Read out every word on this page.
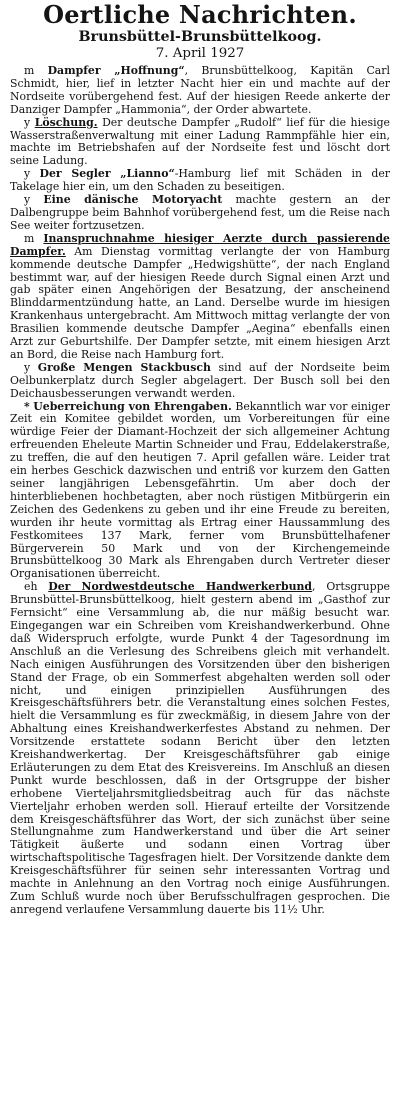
Oertliche Nachrichten.
Brunsbüttel-Brunsbüttelkoog.
7. April 1927

m Dampfer „Hoffnung“, Brunsbüttelkoog, Kapitän Carl Schmidt, hier, lief in letzter Nacht hier ein und machte auf der Nordseite vorübergehend fest. Auf der hiesigen Reede ankerte der Danziger Dampfer „Hammonia“, der Order abwartete.

y Löschung. Der deutsche Dampfer „Rudolf“ lief für die hiesige Wasserstraßenverwaltung mit einer Ladung Rammpfähle hier ein, machte im Betriebshafen auf der Nordseite fest und löscht dort seine Ladung.

y Der Segler „Lianno“-Hamburg lief mit Schäden in der Takelage hier ein, um den Schaden zu beseitigen.

y Eine dänische Motoryacht machte gestern an der Dalbengruppe beim Bahnhof vorübergehend fest, um die Reise nach See weiter fortzusetzen.

m Inanspruchnahme hiesiger Aerzte durch passierende Dampfer. Am Dienstag vormittag verlangte der von Hamburg kommende deutsche Dampfer „Hedwigshütte“, der nach England bestimmt war, auf der hiesigen Reede durch Signal einen Arzt und gab später einen Angehörigen der Besatzung, der anscheinend Blinddarmentzündung hatte, an Land. Derselbe wurde im hiesigen Krankenhaus untergebracht. Am Mittwoch mittag verlangte der von Brasilien kommende deutsche Dampfer „Aegina“ ebenfalls einen Arzt zur Geburtshilfe. Der Dampfer setzte, mit einem hiesigen Arzt an Bord, die Reise nach Hamburg fort.

y Große Mengen Stackbusch sind auf der Nordseite beim Oelbunkerplatz durch Segler abgelagert. Der Busch soll bei den Deichausbesserungen verwandt werden.

* Ueberreichung von Ehrengaben. Bekanntlich war vor einiger Zeit ein Komitee gebildet worden, um Vorbereitungen für eine würdige Feier der Diamant-Hochzeit der sich allgemeiner Achtung erfreuenden Eheleute Martin Schneider und Frau, Eddelakerstraße, zu treffen, die auf den heutigen 7. April gefallen wäre. Leider trat ein herbes Geschick dazwischen und entriß vor kurzem den Gatten seiner langjährigen Lebensgefährtin. Um aber doch der hinterbliebenen hochbetagten, aber noch rüstigen Mitbürgerin ein Zeichen des Gedenkens zu geben und ihr eine Freude zu bereiten, wurden ihr heute vormittag als Ertrag einer Haussammlung des Festkomitees 137 Mark, ferner vom Brunsbüttelhafener Bürgerverein 50 Mark und von der Kirchengemeinde Brunsbüttelkoog 30 Mark als Ehrengaben durch Vertreter dieser Organisationen überreicht.

eh Der Nordwestdeutsche Handwerkerbund, Ortsgruppe Brunsbüttel-Brunsbüttelkoog, hielt gestern abend im „Gasthof zur Fernsicht“ eine Versammlung ab, die nur mäßig besucht war. Eingegangen war ein Schreiben vom Kreishandwerkerbund. Ohne daß Widerspruch erfolgte, wurde Punkt 4 der Tagesordnung im Anschluß an die Verlesung des Schreibens gleich mit verhandelt. Nach einigen Ausführungen des Vorsitzenden über den bisherigen Stand der Frage, ob ein Sommerfest abgehalten werden soll oder nicht, und einigen prinzipiellen Ausführungen des Kreisgeschäftsführers betr. die Veranstaltung eines solchen Festes, hielt die Versammlung es für zweckmäßig, in diesem Jahre von der Abhaltung eines Kreishandwerkerfestes Abstand zu nehmen. Der Vorsitzende erstattete sodann Bericht über den letzten Kreishandwerkertag. Der Kreisgeschäftsführer gab einige Erläuterungen zu dem Etat des Kreisvereins. Im Anschluß an diesen Punkt wurde beschlossen, daß in der Ortsgruppe der bisher erhobene Vierteljahrsmitgliedsbeitrag auch für das nächste Vierteljahr erhoben werden soll. Hierauf erteilte der Vorsitzende dem Kreisgeschäftsführer das Wort, der sich zunächst über seine Stellungnahme zum Handwerkerstand und über die Art seiner Tätigkeit äußerte und sodann einen Vortrag über wirtschaftspolitische Tagesfragen hielt. Der Vorsitzende dankte dem Kreisgeschäftsführer für seinen sehr interessanten Vortrag und machte in Anlehnung an den Vortrag noch einige Ausführungen. Zum Schluß wurde noch über Berufsschulfragen gesprochen. Die anregend verlaufene Versammlung dauerte bis 11½ Uhr.
